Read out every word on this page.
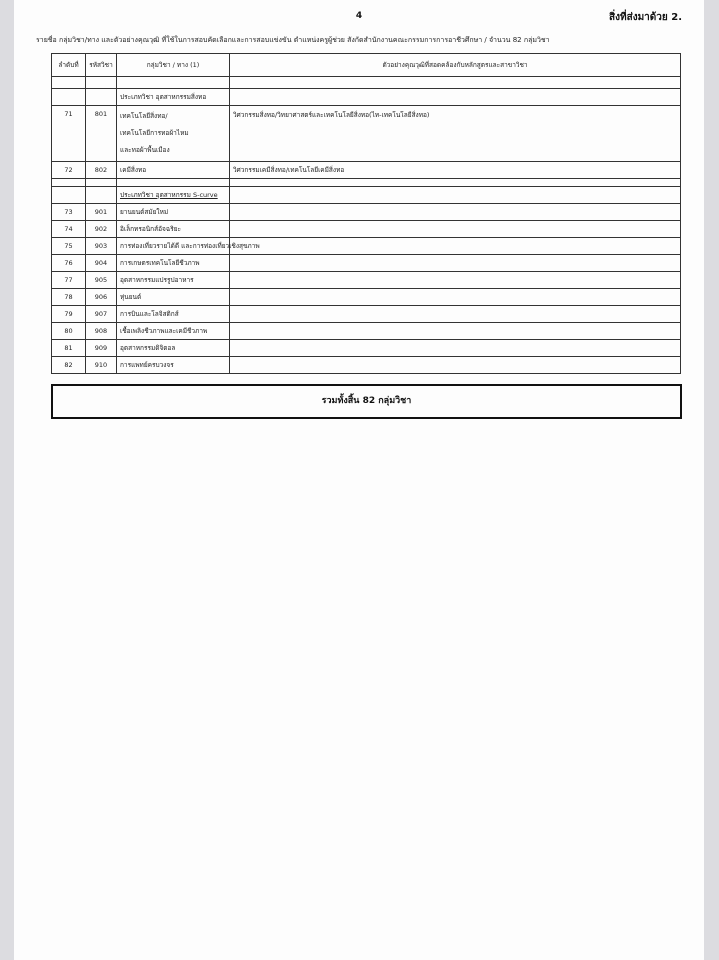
4	สิ่งที่ส่งมาด้วย 2.
รายชื่อ กลุ่มวิชา/ทาง และตัวอย่างคุณวุฒิ ที่ใช้ในการสอบคัดเลือกและการสอบแข่งขัน ตำแหน่งครูผู้ช่วย สังกัดสำนักงานคณะกรรมการการอาชีวศึกษา / จำนวน 82 กลุ่มวิชา
ลำดับที่	รหัสวิชา	กลุ่มวิชา / ทาง (1)	ตัวอย่างคุณวุฒิที่สอดคล้องกับหลักสูตรและสาขาวิชา

		ประเภทวิชา อุตสาหกรรมสิ่งทอ	
71	801	เทคโนโลยีสิ่งทอ/
เทคโนโลยีการทอผ้าไหม
และทอผ้าพื้นเมือง	วิศวกรรมสิ่งทอ/วิทยาศาสตร์และเทคโนโลยีสิ่งทอ(ไท-เทคโนโลยีสิ่งทอ)
72	802	เคมีสิ่งทอ	วิศวกรรมเคมีสิ่งทอ/เทคโนโลยีเคมีสิ่งทอ

		ประเภทวิชา อุตสาหกรรม S-curve	
73	901	ยานยนต์สมัยใหม่	
74	902	อิเล็กทรอนิกส์อัจฉริยะ	
75	903	การท่องเที่ยวรายได้ดี และการท่องเที่ยวเชิงสุขภาพ	
76	904	การเกษตรเทคโนโลยีชีวภาพ	
77	905	อุตสาหกรรมแปรรูปอาหาร	
78	906	หุ่นยนต์	
79	907	การบินและโลจิสติกส์	
80	908	เชื้อเพลิงชีวภาพและเคมีชีวภาพ	
81	909	อุตสาหกรรมดิจิตอล	
82	910	การแพทย์ครบวงจร	
รวมทั้งสิ้น 82 กลุ่มวิชา
